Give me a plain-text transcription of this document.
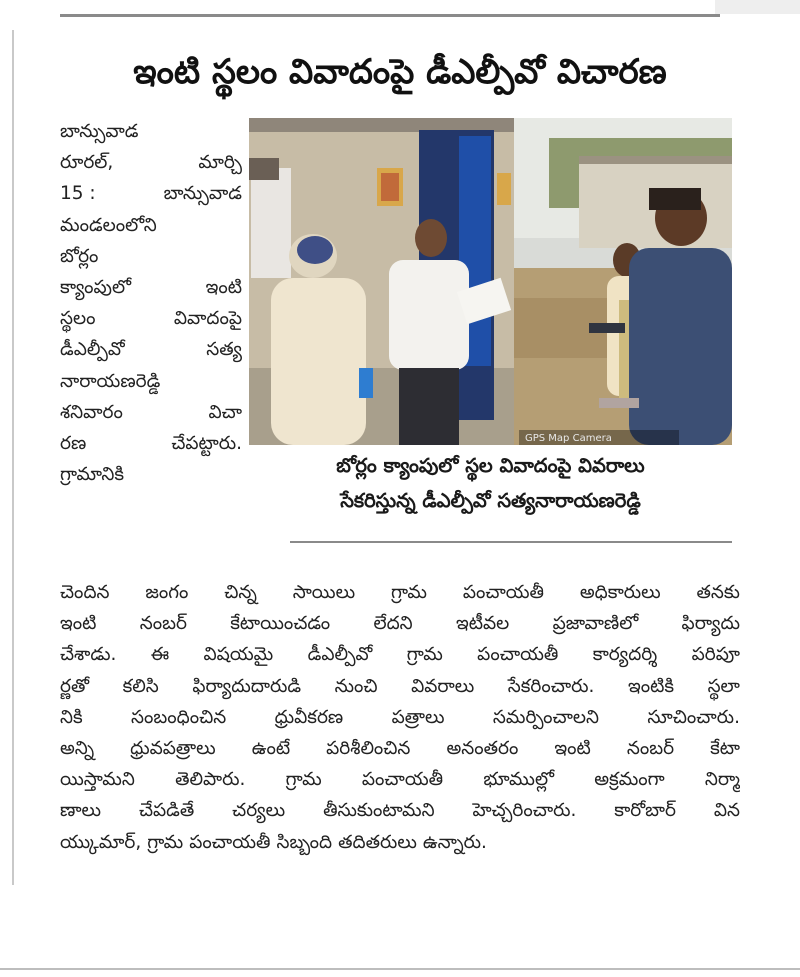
ఇంటి స్థలం వివాదంపై డీఎల్పీవో విచారణ
బాన్సువాడ
రూరల్,	మార్చి
15 :	బాన్సువాడ
మండలంలోని
బోర్లం
క్యాంపులో	ఇంటి
స్థలం	వివాదంపై
డీఎల్పీవో	సత్య
నారాయణరెడ్డి
శనివారం	విచా
రణ	చేపట్టారు.
గ్రామానికి
GPS Map Camera
బోర్లం క్యాంపులో స్థల వివాదంపై వివరాలు
సేకరిస్తున్న డీఎల్పీవో సత్యనారాయణరెడ్డి
చెందిన జంగం చిన్న సాయిలు గ్రామ పంచాయతీ అధికారులు తనకు
ఇంటి నంబర్ కేటాయించడం లేదని ఇటీవల ప్రజావాణిలో ఫిర్యాదు
చేశాడు. ఈ విషయమై డీఎల్పీవో గ్రామ పంచాయతీ కార్యదర్శి పరిపూ
ర్ణతో కలిసి ఫిర్యాదుదారుడి నుంచి వివరాలు సేకరించారు. ఇంటికి స్థలా
నికి	సంబంధించిన	ధ్రువీకరణ	పత్రాలు	సమర్పించాలని	సూచించారు.
అన్ని ధ్రువపత్రాలు ఉంటే పరిశీలించిన అనంతరం ఇంటి నంబర్ కేటా
యిస్తామని తెలిపారు. గ్రామ పంచాయతీ భూముల్లో అక్రమంగా నిర్మా
ణాలు చేపడితే చర్యలు తీసుకుంటామని హెచ్చరించారు. కారోబార్ విన
య్కుమార్, గ్రామ పంచాయతీ సిబ్బంది తదితరులు ఉన్నారు.
